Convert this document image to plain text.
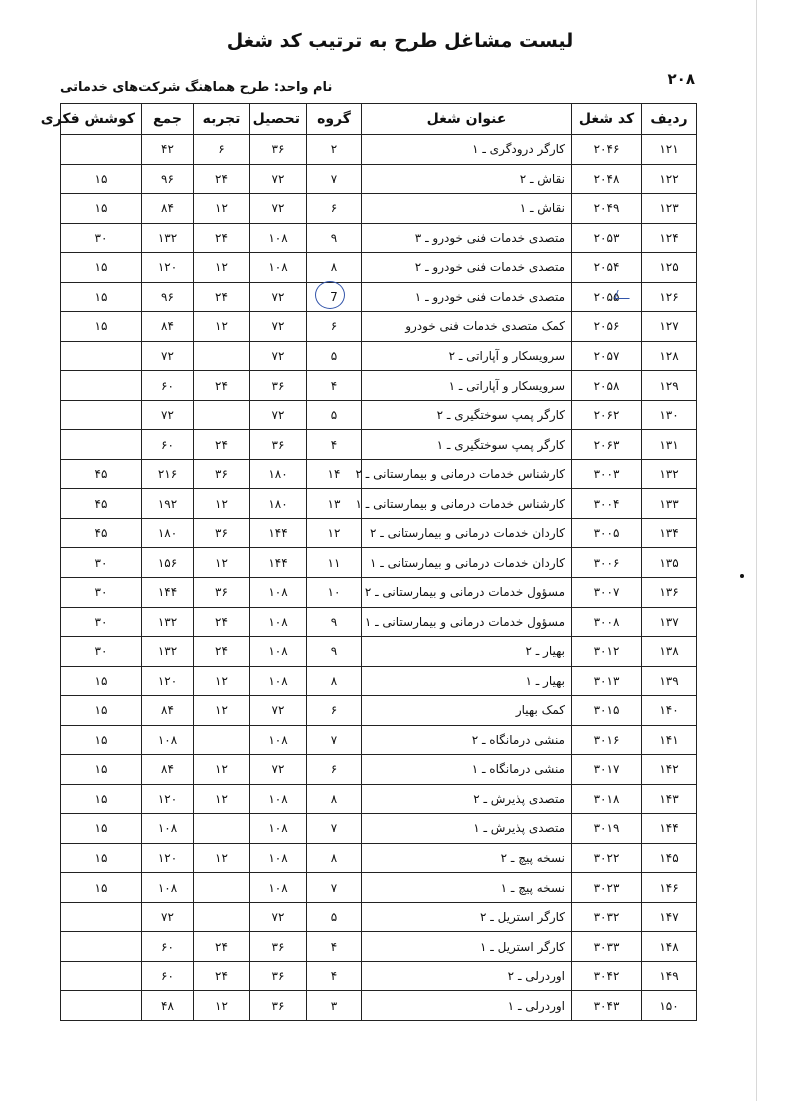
لیست مشاغل طرح به ترتیب کد شغل
۲۰۸
نام واحد: طرح هماهنگ شرکت‌های خدماتی
ردیف	کد شغل	عنوان شغل	گروه	تحصیل	تجربه	جمع	کوشش فکری
۱۲۱	۲۰۴۶	کارگر درودگری ـ ۱	۲	۳۶	۶	۴۲	
۱۲۲	۲۰۴۸	نقاش ـ ۲	۷	۷۲	۲۴	۹۶	۱۵
۱۲۳	۲۰۴۹	نقاش ـ ۱	۶	۷۲	۱۲	۸۴	۱۵
۱۲۴	۲۰۵۳	متصدی خدمات فنی خودرو ـ ۳	۹	۱۰۸	۲۴	۱۳۲	۳۰
۱۲۵	۲۰۵۴	متصدی خدمات فنی خودرو ـ ۲	۸	۱۰۸	۱۲	۱۲۰	۱۵
۱۲۶	۲۰۵۵	متصدی خدمات فنی خودرو ـ ۱	7	۷۲	۲۴	۹۶	۱۵
۱۲۷	۲۰۵۶	کمک متصدی خدمات فنی خودرو	۶	۷۲	۱۲	۸۴	۱۵
۱۲۸	۲۰۵۷	سرویسکار و آپاراتی ـ ۲	۵	۷۲		۷۲	
۱۲۹	۲۰۵۸	سرویسکار و آپاراتی ـ ۱	۴	۳۶	۲۴	۶۰	
۱۳۰	۲۰۶۲	کارگر پمپ سوختگیری ـ ۲	۵	۷۲		۷۲	
۱۳۱	۲۰۶۳	کارگر پمپ سوختگیری ـ ۱	۴	۳۶	۲۴	۶۰	
۱۳۲	۳۰۰۳	کارشناس خدمات درمانی و بیمارستانی ـ ۲	۱۴	۱۸۰	۳۶	۲۱۶	۴۵
۱۳۳	۳۰۰۴	کارشناس خدمات درمانی و بیمارستانی ـ ۱	۱۳	۱۸۰	۱۲	۱۹۲	۴۵
۱۳۴	۳۰۰۵	کاردان خدمات درمانی و بیمارستانی ـ ۲	۱۲	۱۴۴	۳۶	۱۸۰	۴۵
۱۳۵	۳۰۰۶	کاردان خدمات درمانی و بیمارستانی ـ ۱	۱۱	۱۴۴	۱۲	۱۵۶	۳۰
۱۳۶	۳۰۰۷	مسؤول خدمات درمانی و بیمارستانی ـ ۲	۱۰	۱۰۸	۳۶	۱۴۴	۳۰
۱۳۷	۳۰۰۸	مسؤول خدمات درمانی و بیمارستانی ـ ۱	۹	۱۰۸	۲۴	۱۳۲	۳۰
۱۳۸	۳۰۱۲	بهیار ـ ۲	۹	۱۰۸	۲۴	۱۳۲	۳۰
۱۳۹	۳۰۱۳	بهیار ـ ۱	۸	۱۰۸	۱۲	۱۲۰	۱۵
۱۴۰	۳۰۱۵	کمک بهیار	۶	۷۲	۱۲	۸۴	۱۵
۱۴۱	۳۰۱۶	منشی درمانگاه ـ ۲	۷	۱۰۸		۱۰۸	۱۵
۱۴۲	۳۰۱۷	منشی درمانگاه ـ ۱	۶	۷۲	۱۲	۸۴	۱۵
۱۴۳	۳۰۱۸	متصدی پذیرش ـ ۲	۸	۱۰۸	۱۲	۱۲۰	۱۵
۱۴۴	۳۰۱۹	متصدی پذیرش ـ ۱	۷	۱۰۸		۱۰۸	۱۵
۱۴۵	۳۰۲۲	نسخه پیچ ـ ۲	۸	۱۰۸	۱۲	۱۲۰	۱۵
۱۴۶	۳۰۲۳	نسخه پیچ ـ ۱	۷	۱۰۸		۱۰۸	۱۵
۱۴۷	۳۰۳۲	کارگر استریل ـ ۲	۵	۷۲		۷۲	
۱۴۸	۳۰۳۳	کارگر استریل ـ ۱	۴	۳۶	۲۴	۶۰	
۱۴۹	۳۰۴۲	اوردرلی ـ ۲	۴	۳۶	۲۴	۶۰	
۱۵۰	۳۰۴۳	اوردرلی ـ ۱	۳	۳۶	۱۲	۴۸	
